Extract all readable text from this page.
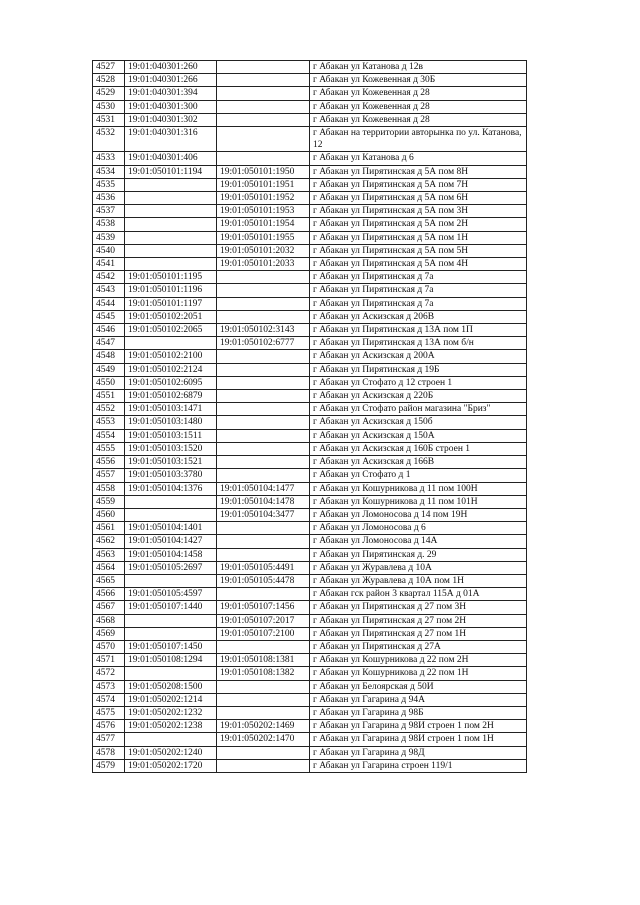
4527	19:01:040301:260		г Абакан ул Катанова д 12в
4528	19:01:040301:266		г Абакан ул Кожевенная д 30Б
4529	19:01:040301:394		г Абакан ул Кожевенная д 28
4530	19:01:040301:300		г Абакан ул Кожевенная д 28
4531	19:01:040301:302		г Абакан ул Кожевенная д 28
4532	19:01:040301:316		г Абакан на территории авторынка по ул. Катанова, 12
4533	19:01:040301:406		г Абакан ул Катанова д 6
4534	19:01:050101:1194	19:01:050101:1950	г Абакан ул Пирятинская д 5А пом 8Н
4535		19:01:050101:1951	г Абакан ул Пирятинская д 5А пом 7Н
4536		19:01:050101:1952	г Абакан ул Пирятинская д 5А пом 6Н
4537		19:01:050101:1953	г Абакан ул Пирятинская д 5А пом 3Н
4538		19:01:050101:1954	г Абакан ул Пирятинская д 5А пом 2Н
4539		19:01:050101:1955	г Абакан ул Пирятинская д 5А пом 1Н
4540		19:01:050101:2032	г Абакан ул Пирятинская д 5А пом 5Н
4541		19:01:050101:2033	г Абакан ул Пирятинская д 5А пом 4Н
4542	19:01:050101:1195		г Абакан ул Пирятинская д 7а
4543	19:01:050101:1196		г Абакан ул Пирятинская д 7а
4544	19:01:050101:1197		г Абакан ул Пирятинская д 7а
4545	19:01:050102:2051		г Абакан ул Аскизская д 206В
4546	19:01:050102:2065	19:01:050102:3143	г Абакан ул Пирятинская д 13А пом 1П
4547		19:01:050102:6777	г Абакан ул Пирятинская д 13А пом б/н
4548	19:01:050102:2100		г Абакан ул Аскизская д 200А
4549	19:01:050102:2124		г Абакан ул Пирятинская д 19Б
4550	19:01:050102:6095		г Абакан ул Стофато д 12 строен 1
4551	19:01:050102:6879		г Абакан ул Аскизская д 220Б
4552	19:01:050103:1471		г Абакан ул Стофато район магазина "Бриз"
4553	19:01:050103:1480		г Абакан ул Аскизская д 150б
4554	19:01:050103:1511		г Абакан ул Аскизская д 150А
4555	19:01:050103:1520		г Абакан ул Аскизская д 160Б строен 1
4556	19:01:050103:1521		г Абакан ул Аскизская д 166В
4557	19:01:050103:3780		г Абакан ул Стофато д 1
4558	19:01:050104:1376	19:01:050104:1477	г Абакан ул Кошурникова д 11 пом 100Н
4559		19:01:050104:1478	г Абакан ул Кошурникова д 11 пом 101Н
4560		19:01:050104:3477	г Абакан ул Ломоносова д 14 пом 19Н
4561	19:01:050104:1401		г Абакан ул Ломоносова д 6
4562	19:01:050104:1427		г Абакан ул Ломоносова д 14А
4563	19:01:050104:1458		г Абакан ул Пирятинская д. 29
4564	19:01:050105:2697	19:01:050105:4491	г Абакан ул Журавлева д 10А
4565		19:01:050105:4478	г Абакан ул Журавлева д 10А пом 1Н
4566	19:01:050105:4597		г Абакан гск район 3 квартал 115А д 01А
4567	19:01:050107:1440	19:01:050107:1456	г Абакан ул Пирятинская д 27 пом 3Н
4568		19:01:050107:2017	г Абакан ул Пирятинская д 27 пом 2Н
4569		19:01:050107:2100	г Абакан ул Пирятинская д 27 пом 1Н
4570	19:01:050107:1450		г Абакан ул Пирятинская д 27А
4571	19:01:050108:1294	19:01:050108:1381	г Абакан ул Кошурникова д 22 пом 2Н
4572		19:01:050108:1382	г Абакан ул Кошурникова д 22 пом 1Н
4573	19:01:050208:1500		г Абакан ул Белоярская д 50И
4574	19:01:050202:1214		г Абакан ул Гагарина д 94А
4575	19:01:050202:1232		г Абакан ул Гагарина д 98Б
4576	19:01:050202:1238	19:01:050202:1469	г Абакан ул Гагарина д 98И строен 1 пом 2Н
4577		19:01:050202:1470	г Абакан ул Гагарина д 98И строен 1 пом 1Н
4578	19:01:050202:1240		г Абакан ул Гагарина д 98Д
4579	19:01:050202:1720		г Абакан ул Гагарина строен 119/1
